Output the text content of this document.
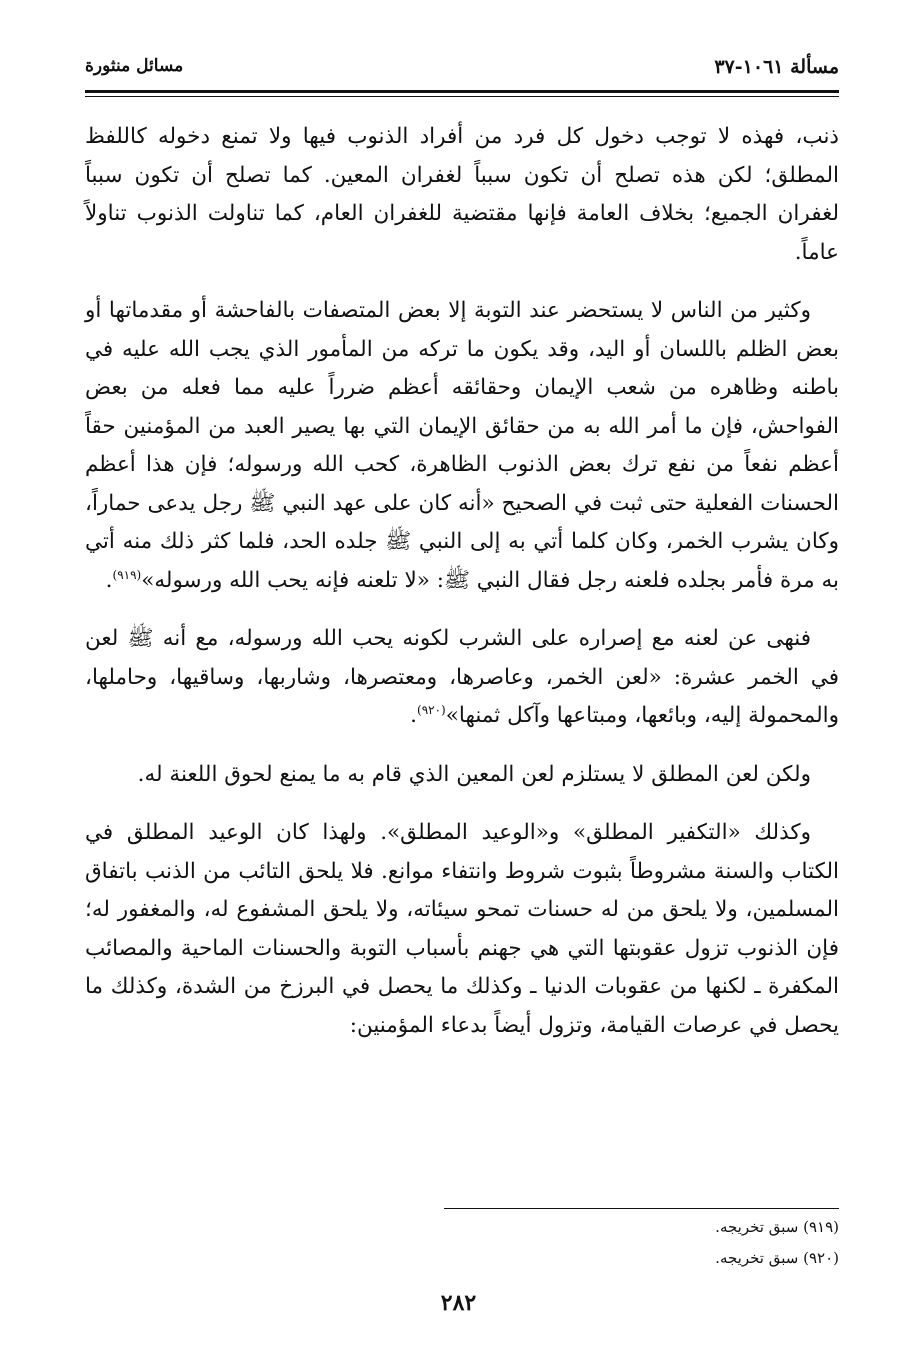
مسألة ١٠٦١-٣٧
مسائل منثورة

ذنب، فهذه لا توجب دخول كل فرد من أفراد الذنوب فيها ولا تمنع دخوله كاللفظ المطلق؛ لكن هذه تصلح أن تكون سبباً لغفران المعين. كما تصلح أن تكون سبباً لغفران الجميع؛ بخلاف العامة فإنها مقتضية للغفران العام، كما تناولت الذنوب تناولاً عاماً.

وكثير من الناس لا يستحضر عند التوبة إلا بعض المتصفات بالفاحشة أو مقدماتها أو بعض الظلم باللسان أو اليد، وقد يكون ما تركه من المأمور الذي يجب الله عليه في باطنه وظاهره من شعب الإيمان وحقائقه أعظم ضرراً عليه مما فعله من بعض الفواحش، فإن ما أمر الله به من حقائق الإيمان التي بها يصير العبد من المؤمنين حقاً أعظم نفعاً من نفع ترك بعض الذنوب الظاهرة، كحب الله ورسوله؛ فإن هذا أعظم الحسنات الفعلية حتى ثبت في الصحيح «أنه كان على عهد النبي ﷺ رجل يدعى حماراً، وكان يشرب الخمر، وكان كلما أتي به إلى النبي ﷺ جلده الحد، فلما كثر ذلك منه أتي به مرة فأمر بجلده فلعنه رجل فقال النبي ﷺ: «لا تلعنه فإنه يحب الله ورسوله»$^{(٩١٩)}$.

فنهى عن لعنه مع إصراره على الشرب لكونه يحب الله ورسوله، مع أنه ﷺ لعن في الخمر عشرة: «لعن الخمر، وعاصرها، ومعتصرها، وشاربها، وساقيها، وحاملها، والمحمولة إليه، وبائعها، ومبتاعها وآكل ثمنها»$^{(٩٢٠)}$.

ولكن لعن المطلق لا يستلزم لعن المعين الذي قام به ما يمنع لحوق اللعنة له.

وكذلك «التكفير المطلق» و«الوعيد المطلق». ولهذا كان الوعيد المطلق في الكتاب والسنة مشروطاً بثبوت شروط وانتفاء موانع. فلا يلحق التائب من الذنب باتفاق المسلمين، ولا يلحق من له حسنات تمحو سيئاته، ولا يلحق المشفوع له، والمغفور له؛ فإن الذنوب تزول عقوبتها التي هي جهنم بأسباب التوبة والحسنات الماحية والمصائب المكفرة ـ لكنها من عقوبات الدنيا ـ وكذلك ما يحصل في البرزخ من الشدة، وكذلك ما يحصل في عرصات القيامة، وتزول أيضاً بدعاء المؤمنين:

(٩١٩) سبق تخريجه.
(٩٢٠) سبق تخريجه.
٢٨٢
